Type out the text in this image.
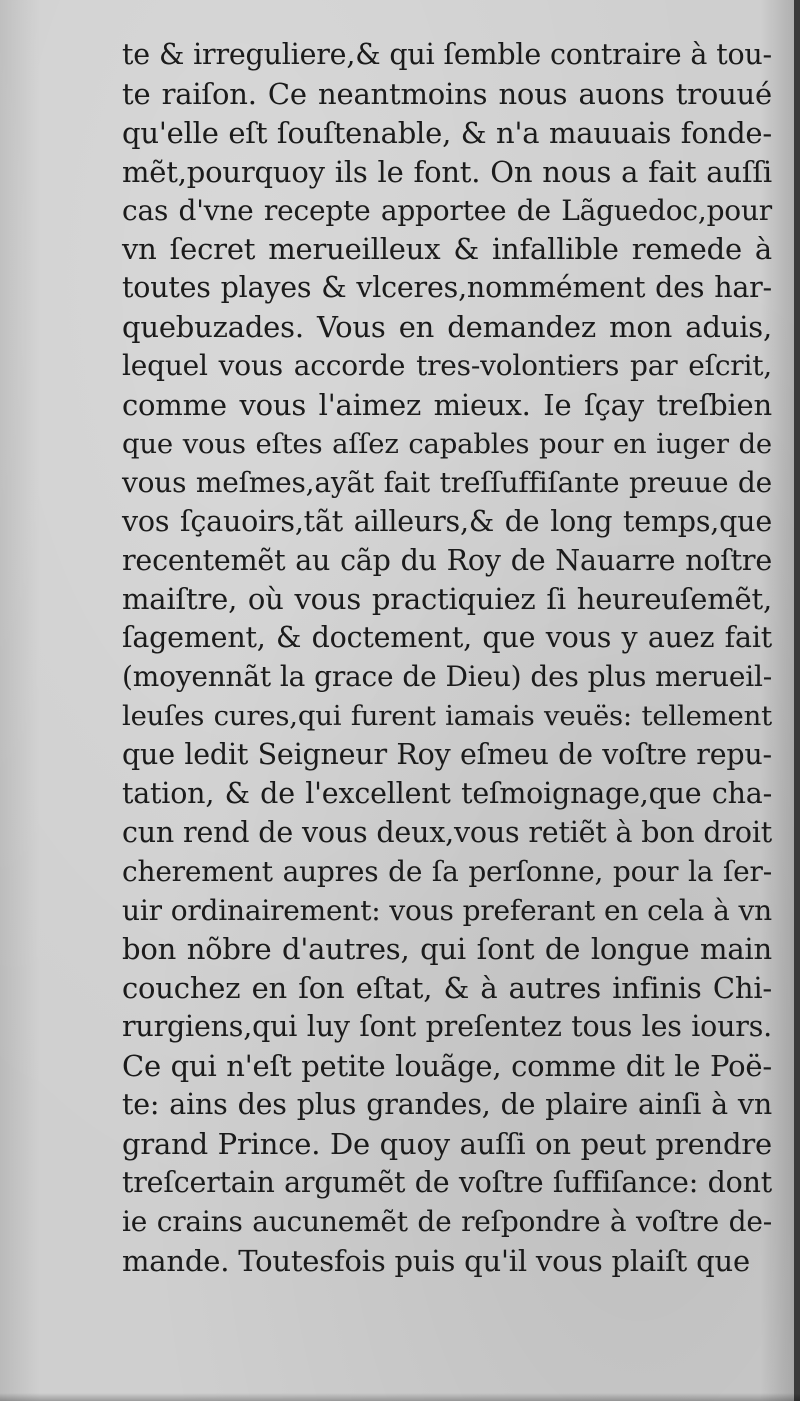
te & irreguliere,& qui ſemble contraire à tou-
te raiſon. Ce neantmoins nous auons trouué
qu'elle eſt ſouſtenable, & n'a mauuais fonde-
mẽt,pourquoy ils le font. On nous a fait auſſi
cas d'vne recepte apportee de Lãguedoc,pour
vn ſecret merueilleux & infallible remede à
toutes playes & vlceres,nommément des har-
quebuzades. Vous en demandez mon aduis,
lequel vous accorde tres-volontiers par eſcrit,
comme vous l'aimez mieux. Ie ſçay treſbien
que vous eſtes aſſez capables pour en iuger de
vous meſmes,ayãt fait treſſuffiſante preuue de
vos ſçauoirs,tãt ailleurs,& de long temps,que
recentemẽt au cãp du Roy de Nauarre noſtre
maiſtre, où vous practiquiez ſi heureuſemẽt,
ſagement, & doctement, que vous y auez fait
(moyennãt la grace de Dieu) des plus merueil-
leuſes cures,qui furent iamais veuës: tellement
que ledit Seigneur Roy eſmeu de voſtre repu-
tation, & de l'excellent teſmoignage,que cha-
cun rend de vous deux,vous retiẽt à bon droit
cherement aupres de ſa perſonne, pour la ſer-
uir ordinairement: vous preferant en cela à vn
bon nõbre d'autres, qui ſont de longue main
couchez en ſon eſtat, & à autres infinis Chi-
rurgiens,qui luy ſont preſentez tous les iours.
Ce qui n'eſt petite louãge, comme dit le Poë-
te: ains des plus grandes, de plaire ainſi à vn
grand Prince. De quoy auſſi on peut prendre
treſcertain argumẽt de voſtre ſuffiſance: dont
ie crains aucunemẽt de reſpondre à voſtre de-
mande. Toutesfois puis qu'il vous plaiſt que
